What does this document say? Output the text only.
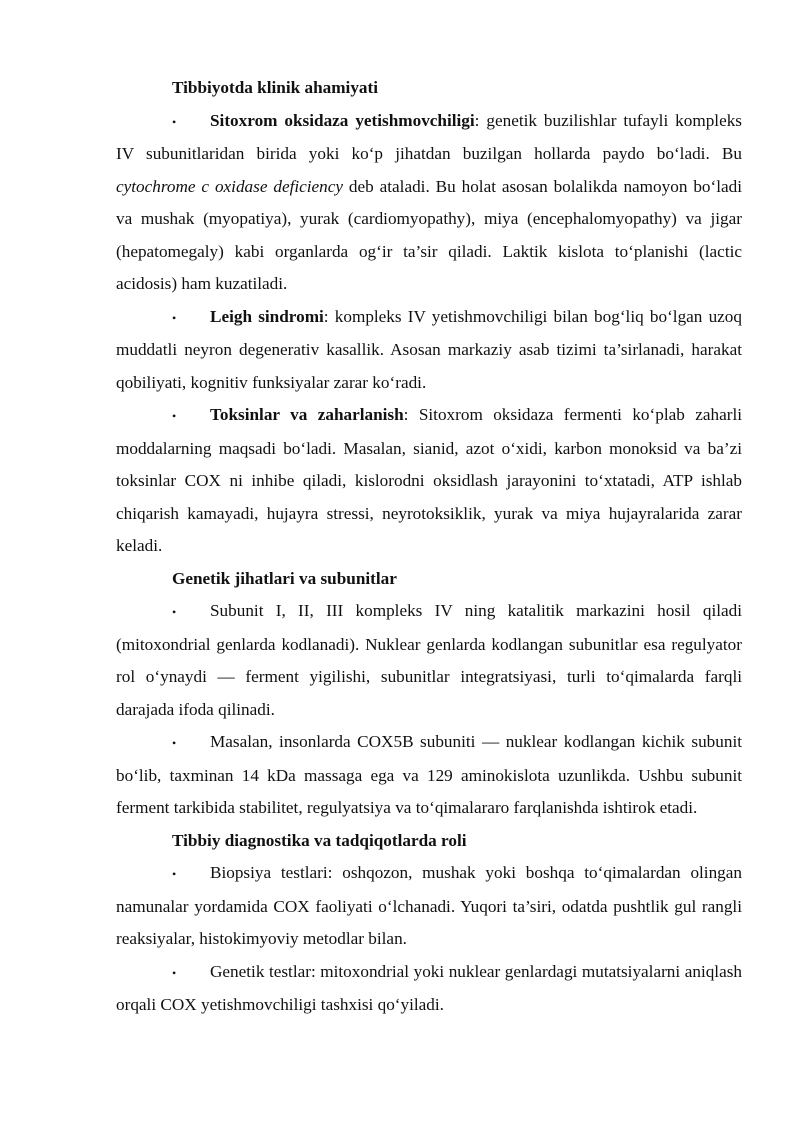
Tibbiyotda klinik ahamiyati

• Sitoxrom oksidaza yetishmovchiligi: genetik buzilishlar tufayli kompleks IV subunitlaridan birida yoki ko‘p jihatdan buzilgan hollarda paydo bo‘ladi. Bu cytochrome c oxidase deficiency deb ataladi. Bu holat asosan bolalikda namoyon bo‘ladi va mushak (myopatiya), yurak (cardiomyopathy), miya (encephalomyopathy) va jigar (hepatomegaly) kabi organlarda og‘ir ta’sir qiladi. Laktik kislota to‘planishi (lactic acidosis) ham kuzatiladi.

• Leigh sindromi: kompleks IV yetishmovchiligi bilan bog‘liq bo‘lgan uzoq muddatli neyron degenerativ kasallik. Asosan markaziy asab tizimi ta’sirlanadi, harakat qobiliyati, kognitiv funksiyalar zarar ko‘radi.

• Toksinlar va zaharlanish: Sitoxrom oksidaza fermenti ko‘plab zaharli moddalarning maqsadi bo‘ladi. Masalan, sianid, azot o‘xidi, karbon monoksid va ba’zi toksinlar COX ni inhibe qiladi, kislorodni oksidlash jarayonini to‘xtatadi, ATP ishlab chiqarish kamayadi, hujayra stressi, neyrotoksiklik, yurak va miya hujayralarida zarar keladi.

Genetik jihatlari va subunitlar

• Subunit I, II, III kompleks IV ning katalitik markazini hosil qiladi (mitoxondrial genlarda kodlanadi). Nuklear genlarda kodlangan subunitlar esa regulyator rol o‘ynaydi — ferment yigilishi, subunitlar integratsiyasi, turli to‘qimalarda farqli darajada ifoda qilinadi.

• Masalan, insonlarda COX5B subuniti — nuklear kodlangan kichik subunit bo‘lib, taxminan 14 kDa massaga ega va 129 aminokislota uzunlikda. Ushbu subunit ferment tarkibida stabilitet, regulyatsiya va to‘qimalararo farqlanishda ishtirok etadi.

Tibbiy diagnostika va tadqiqotlarda roli

• Biopsiya testlari: oshqozon, mushak yoki boshqa to‘qimalardan olingan namunalar yordamida COX faoliyati o‘lchanadi. Yuqori ta’siri, odatda pushtlik gul rangli reaksiyalar, histokimyoviy metodlar bilan.

• Genetik testlar: mitoxondrial yoki nuklear genlardagi mutatsiyalarni aniqlash orqali COX yetishmovchiligi tashxisi qo‘yiladi.
